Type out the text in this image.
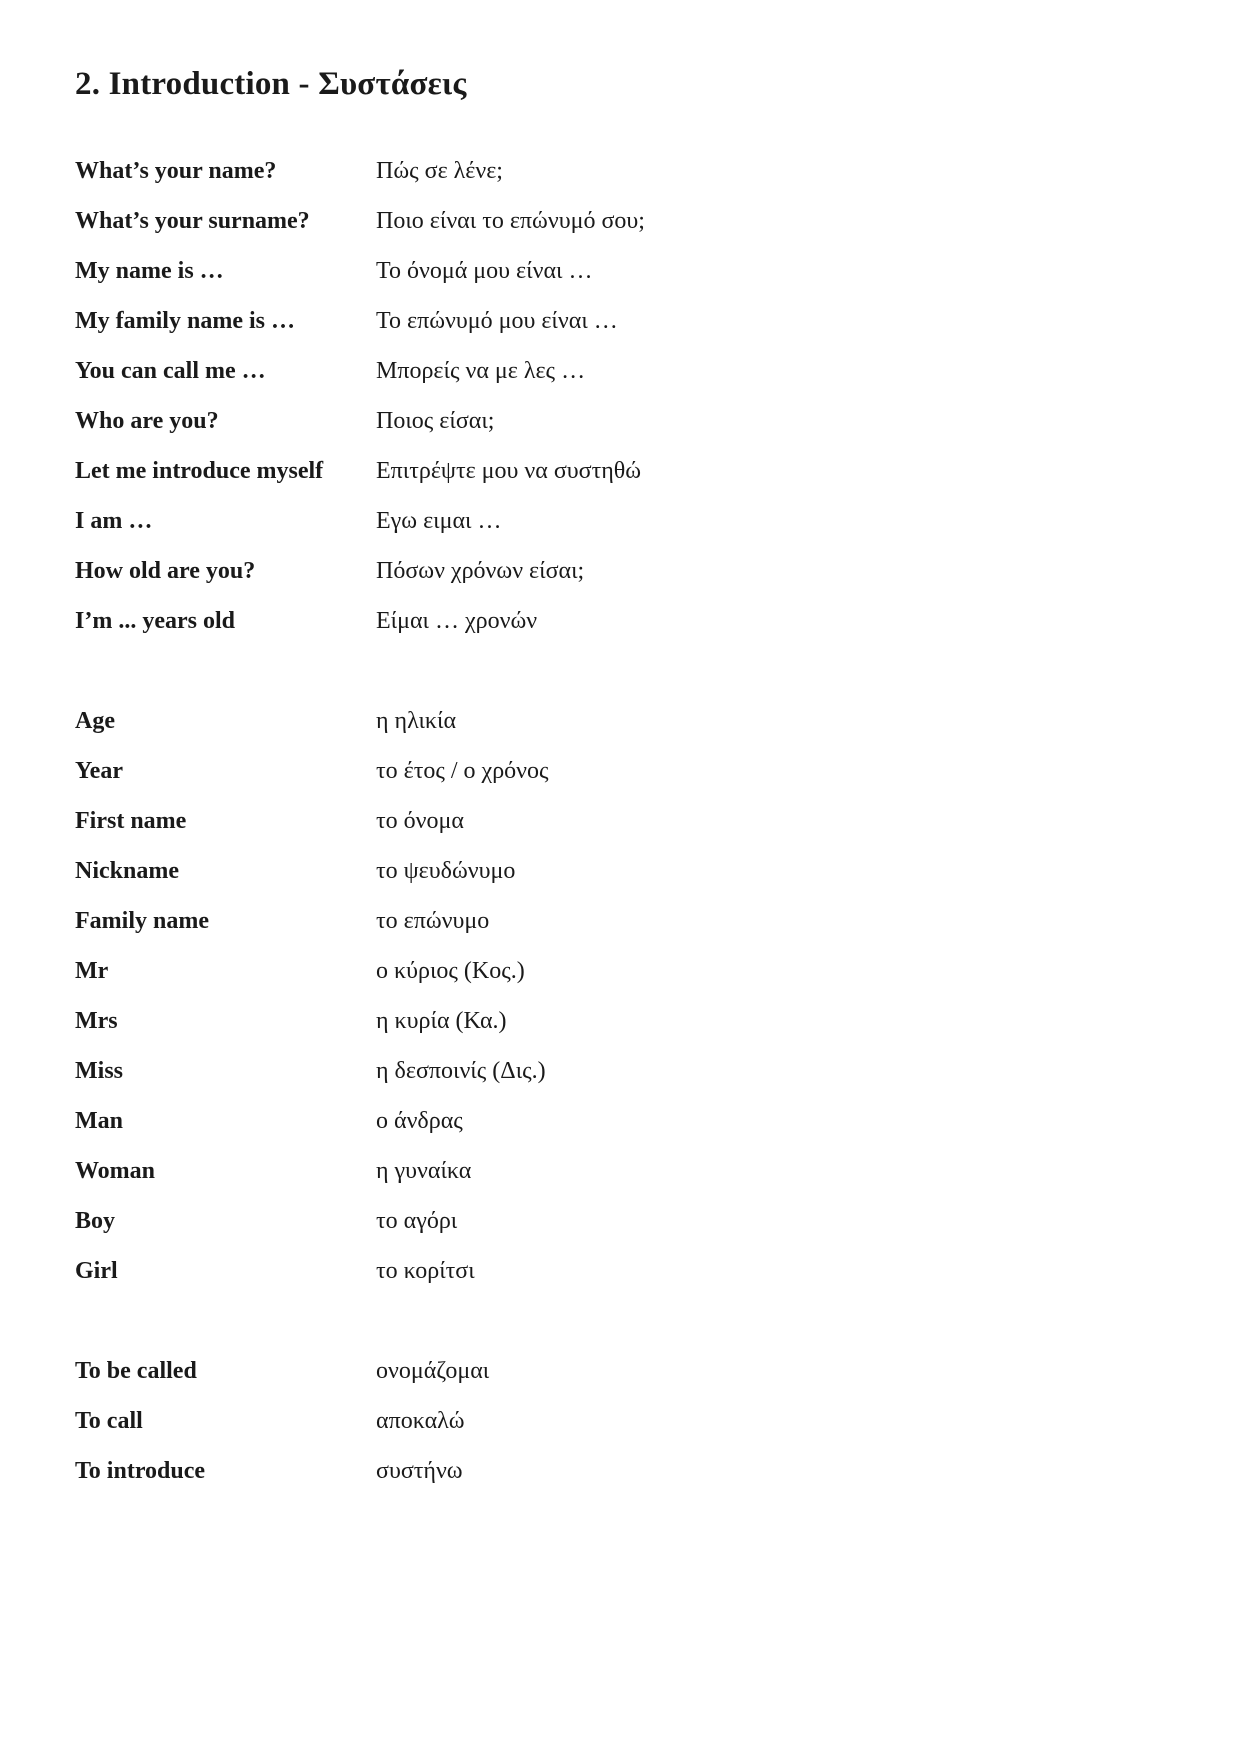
2. Introduction - Συστάσεις
What’s your name?	Πώς σε λένε;
What’s your surname?	Ποιο είναι το επώνυμό σου;
My name is …	Το όνομά μου είναι …
My family name is …	Το επώνυμό μου είναι …
You can call me …	Μπορείς να με λες …
Who are you?	Ποιος είσαι;
Let me introduce myself	Επιτρέψτε μου να συστηθώ
I am …	Εγω ειμαι …
How old are you?	Πόσων χρόνων είσαι;
I’m ... years old	Είμαι … χρονών
Age	η ηλικία
Year	το έτος / ο χρόνος
First name	το όνομα
Nickname	το ψευδώνυμο
Family name	το επώνυμο
Mr	ο κύριος (Κος.)
Mrs	η κυρία (Κα.)
Miss	η δεσποινίς (Δις.)
Man	ο άνδρας
Woman	η γυναίκα
Boy	το αγόρι
Girl	το κορίτσι
To be called	ονομάζομαι
To call	αποκαλώ
To introduce	συστήνω
